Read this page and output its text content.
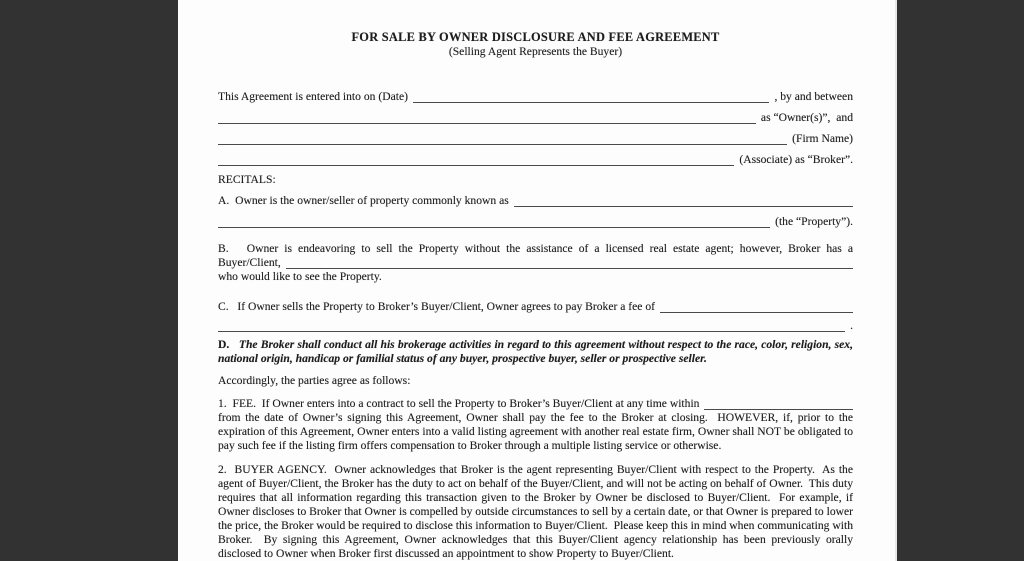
FOR SALE BY OWNER DISCLOSURE AND FEE AGREEMENT
(Selling Agent Represents the Buyer)
This Agreement is entered into on (Date)	, by and between
as “Owner(s)”,  and
(Firm Name)
(Associate) as “Broker”.
RECITALS:
A.  Owner is the owner/seller of property commonly known as
(the “Property”).
B.   Owner is endeavoring to sell the Property without the assistance of a licensed real estate agent; however, Broker has a
Buyer/Client,
who would like to see the Property.
C.   If Owner sells the Property to Broker’s Buyer/Client, Owner agrees to pay Broker a fee of
.
D. The Broker shall conduct all his brokerage activities in regard to this agreement without respect to the race, color, religion, sex, national origin, handicap or familial status of any buyer, prospective buyer, seller or prospective seller.
Accordingly, the parties agree as follows:
1.  FEE.  If Owner enters into a contract to sell the Property to Broker’s Buyer/Client at any time within
from the date of Owner’s signing this Agreement, Owner shall pay the fee to the Broker at closing.  HOWEVER, if, prior to the expiration of this Agreement, Owner enters into a valid listing agreement with another real estate firm, Owner shall NOT be obligated to pay such fee if the listing firm offers compensation to Broker through a multiple listing service or otherwise.
2.  BUYER AGENCY.  Owner acknowledges that Broker is the agent representing Buyer/Client with respect to the Property.  As the agent of Buyer/Client, the Broker has the duty to act on behalf of the Buyer/Client, and will not be acting on behalf of Owner.  This duty requires that all information regarding this transaction given to the Broker by Owner be disclosed to Buyer/Client.  For example, if Owner discloses to Broker that Owner is compelled by outside circumstances to sell by a certain date, or that Owner is prepared to lower the price, the Broker would be required to disclose this information to Buyer/Client.  Please keep this in mind when communicating with Broker.  By signing this Agreement, Owner acknowledges that this Buyer/Client agency relationship has been previously orally disclosed to Owner when Broker first discussed an appointment to show Property to Buyer/Client.
